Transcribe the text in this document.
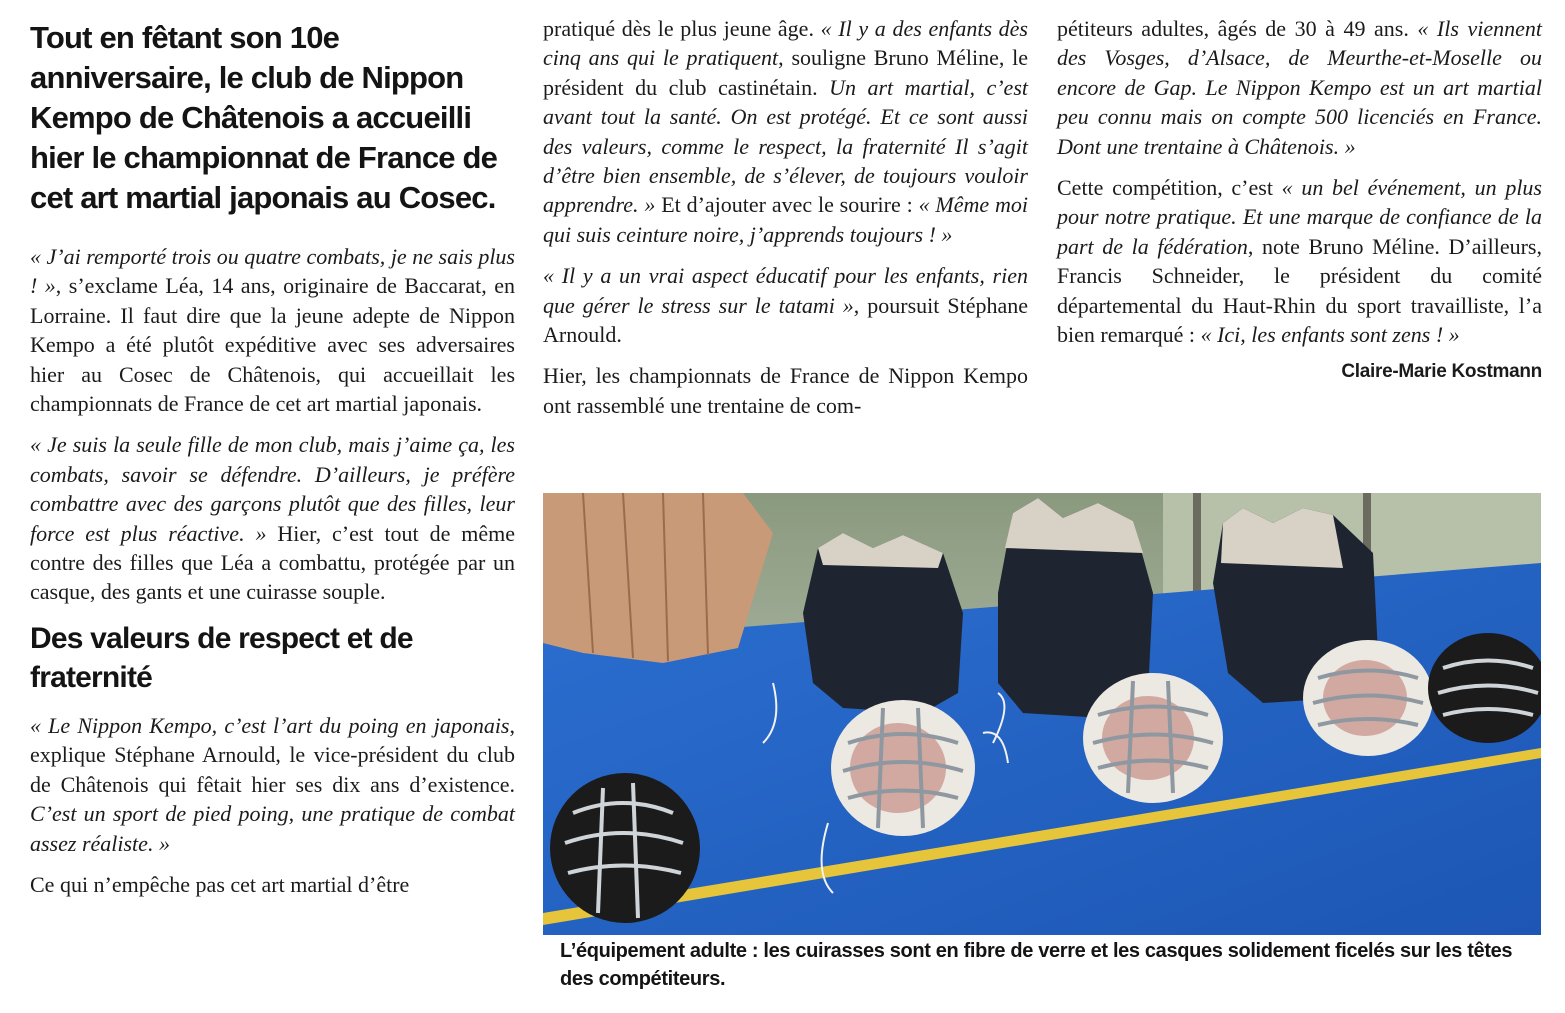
Tout en fêtant son 10e anniversaire, le club de Nippon Kempo de Châtenois a accueilli hier le championnat de France de cet art martial japonais au Cosec.

« J’ai remporté trois ou quatre combats, je ne sais plus ! », s’exclame Léa, 14 ans, originaire de Baccarat, en Lorraine. Il faut dire que la jeune adepte de Nippon Kempo a été plutôt expéditive avec ses adversaires hier au Cosec de Châtenois, qui accueillait les championnats de France de cet art martial japonais.

« Je suis la seule fille de mon club, mais j’aime ça, les combats, savoir se défendre. D’ailleurs, je préfère combattre avec des garçons plutôt que des filles, leur force est plus réactive. » Hier, c’est tout de même contre des filles que Léa a combattu, protégée par un casque, des gants et une cuirasse souple.

Des valeurs de respect et de fraternité

« Le Nippon Kempo, c’est l’art du poing en japonais, explique Stéphane Arnould, le vice-président du club de Châtenois qui fêtait hier ses dix ans d’existence. C’est un sport de pied poing, une pratique de combat assez réaliste. »

Ce qui n’empêche pas cet art martial d’être

pratiqué dès le plus jeune âge. « Il y a des enfants dès cinq ans qui le pratiquent, souligne Bruno Méline, le président du club castinétain. Un art martial, c’est avant tout la santé. On est protégé. Et ce sont aussi des valeurs, comme le respect, la fraternité Il s’agit d’être bien ensemble, de s’élever, de toujours vouloir apprendre. » Et d’ajouter avec le sourire : « Même moi qui suis ceinture noire, j’apprends toujours ! »

« Il y a un vrai aspect éducatif pour les enfants, rien que gérer le stress sur le tatami », poursuit Stéphane Arnould.

Hier, les championnats de France de Nippon Kempo ont rassemblé une trentaine de com-

pétiteurs adultes, âgés de 30 à 49 ans. « Ils viennent des Vosges, d’Alsace, de Meurthe-et-Moselle ou encore de Gap. Le Nippon Kempo est un art martial peu connu mais on compte 500 licenciés en France. Dont une trentaine à Châtenois. »

Cette compétition, c’est « un bel événement, un plus pour notre pratique. Et une marque de confiance de la part de la fédération, note Bruno Méline. D’ailleurs, Francis Schneider, le président du comité départemental du Haut-Rhin du sport travailliste, l’a bien remarqué : « Ici, les enfants sont zens ! »

Claire-Marie Kostmann
L’équipement adulte : les cuirasses sont en fibre de verre et les casques solidement ficelés sur les têtes des compétiteurs.
